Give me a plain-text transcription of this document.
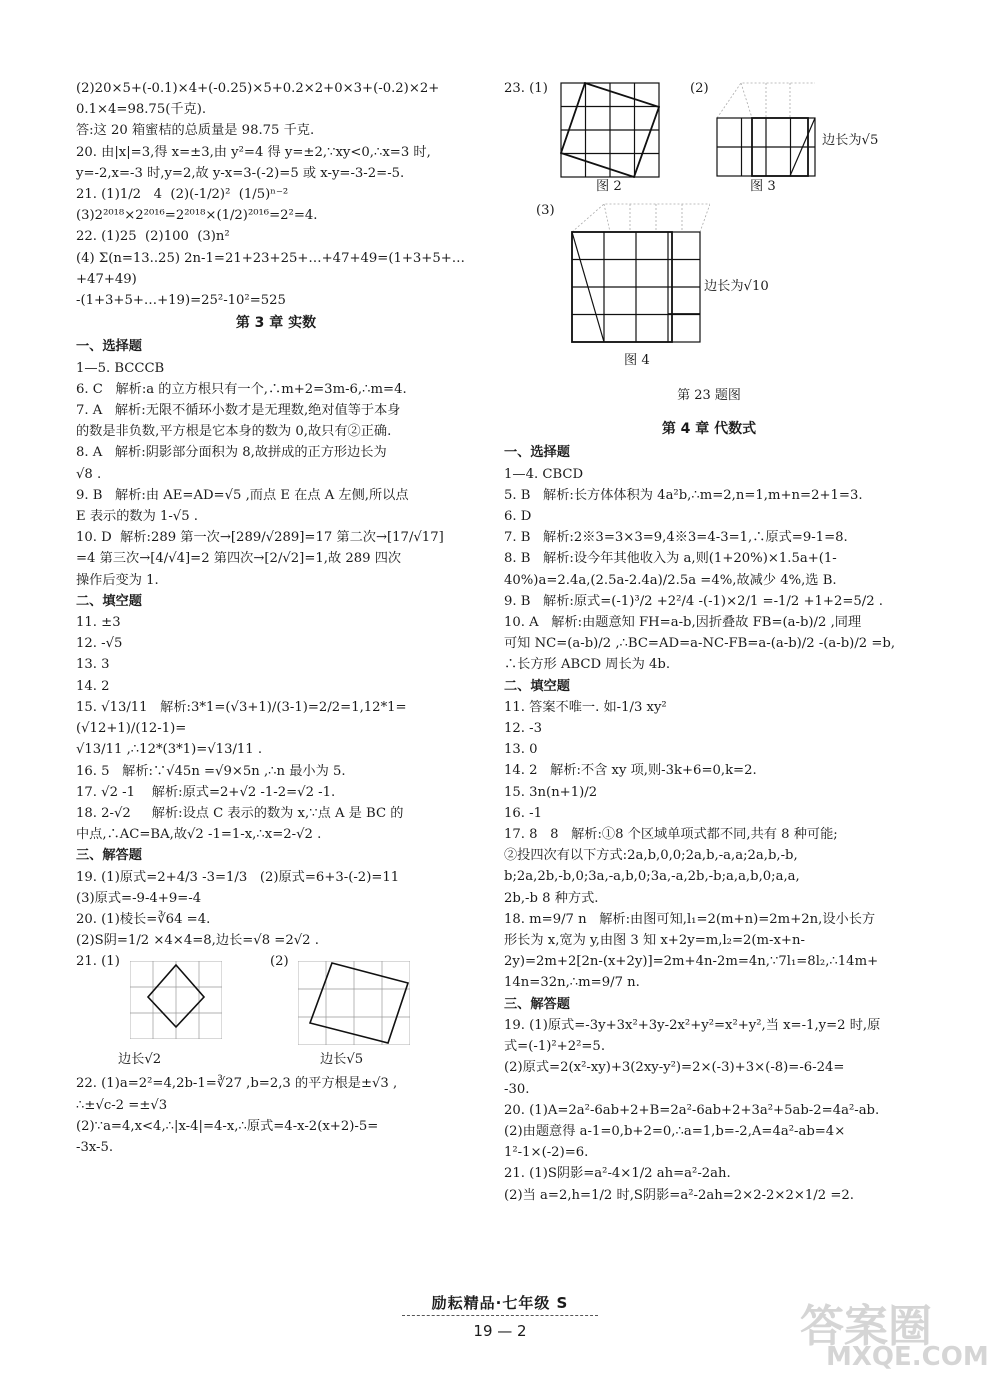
(2)20×5+(-0.1)×4+(-0.25)×5+0.2×2+0×3+(-0.2)×2+

0.1×4=98.75(千克).

答:这 20 箱蜜桔的总质量是 98.75 千克.

20. 由|x|=3,得 x=±3,由 y²=4 得 y=±2,∵xy<0,∴x=3 时,

y=-2,x=-3 时,y=2,故 y-x=3-(-2)=5 或 x-y=-3-2=-5.

21. (1)1/2   4  (2)(-1/2)²  (1/5)ⁿ⁻²

(3)2²⁰¹⁸×2²⁰¹⁶=2²⁰¹⁸×(1/2)²⁰¹⁶=2²=4.

22. (1)25  (2)100  (3)n²

(4) Σ(n=13..25) 2n-1=21+23+25+…+47+49=(1+3+5+…+47+49)

-(1+3+5+…+19)=25²-10²=525

第 3 章 实数

一、选择题

1—5. BCCCB

6. C   解析:a 的立方根只有一个,∴m+2=3m-6,∴m=4.

7. A   解析:无限不循环小数才是无理数,绝对值等于本身

的数是非负数,平方根是它本身的数为 0,故只有②正确.

8. A   解析:阴影部分面积为 8,故拼成的正方形边长为

√8 .

9. B   解析:由 AE=AD=√5 ,而点 E 在点 A 左侧,所以点

E 表示的数为 1-√5 .

10. D  解析:289 第一次→[289/√289]=17 第二次→[17/√17]

=4 第三次→[4/√4]=2 第四次→[2/√2]=1,故 289 四次

操作后变为 1.

二、填空题

11. ±3

12. -√5

13. 3

14. 2

15. √13/11   解析:3*1=(√3+1)/(3-1)=2/2=1,12*1=(√12+1)/(12-1)=

√13/11 ,∴12*(3*1)=√13/11 .

16. 5   解析:∵√45n =√9×5n ,∴n 最小为 5.

17. √2 -1    解析:原式=2+√2 -1-2=√2 -1.

18. 2-√2     解析:设点 C 表示的数为 x,∵点 A 是 BC 的

中点,∴AC=BA,故√2 -1=1-x,∴x=2-√2 .

三、解答题

19. (1)原式=2+4/3 -3=1/3   (2)原式=6+3-(-2)=11

(3)原式=-9-4+9=-4

20. (1)棱长=∛64 =4.

(2)S阴=1/2 ×4×4=8,边长=√8 =2√2 .

21. (1)	(2)
边长√2	边长√5

22. (1)a=2²=4,2b-1=∛27 ,b=2,3 的平方根是±√3 ,

∴±√c-2 =±√3

(2)∵a=4,x<4,∴|x-4|=4-x,∴原式=4-x-2(x+2)-5=

-3x-5.

23. (1)	(2)
边长为√5
图 2	图 3
(3)
边长为√10
图 4

第 23 题图

第 4 章 代数式

一、选择题

1—4. CBCD

5. B   解析:长方体体积为 4a²b,∴m=2,n=1,m+n=2+1=3.

6. D

7. B   解析:2※3=3×3=9,4※3=4-3=1,∴原式=9-1=8.

8. B   解析:设今年其他收入为 a,则(1+20%)×1.5a+(1-

40%)a=2.4a,(2.5a-2.4a)/2.5a =4%,故减少 4%,选 B.

9. B   解析:原式=(-1)³/2 +2²/4 -(-1)×2/1 =-1/2 +1+2=5/2 .

10. A   解析:由题意知 FH=a-b,因折叠故 FB=(a-b)/2 ,同理

可知 NC=(a-b)/2 ,∴BC=AD=a-NC-FB=a-(a-b)/2 -(a-b)/2 =b,

∴长方形 ABCD 周长为 4b.

二、填空题

11. 答案不唯一. 如-1/3 xy²

12. -3

13. 0

14. 2   解析:不含 xy 项,则-3k+6=0,k=2.

15. 3n(n+1)/2

16. -1

17. 8   8   解析:①8 个区域单项式都不同,共有 8 种可能;

②投四次有以下方式:2a,b,0,0;2a,b,-a,a;2a,b,-b,

b;2a,2b,-b,0;3a,-a,b,0;3a,-a,2b,-b;a,a,b,0;a,a,

2b,-b 8 种方式.

18. m=9/7 n   解析:由图可知,l₁=2(m+n)=2m+2n,设小长方

形长为 x,宽为 y,由图 3 知 x+2y=m,l₂=2(m-x+n-

2y)=2m+2[2n-(x+2y)]=2m+4n-2m=4n,∵7l₁=8l₂,∴14m+

14n=32n,∴m=9/7 n.

三、解答题

19. (1)原式=-3y+3x²+3y-2x²+y²=x²+y²,当 x=-1,y=2 时,原

式=(-1)²+2²=5.

(2)原式=2(x²-xy)+3(2xy-y²)=2×(-3)+3×(-8)=-6-24=

-30.

20. (1)A=2a²-6ab+2+B=2a²-6ab+2+3a²+5ab-2=4a²-ab.

(2)由题意得 a-1=0,b+2=0,∴a=1,b=-2,A=4a²-ab=4×

1²-1×(-2)=6.

21. (1)S阴影=a²-4×1/2 ah=a²-2ah.

(2)当 a=2,h=1/2 时,S阴影=a²-2ah=2×2-2×2×1/2 =2.

励耘精品·七年级 S
19 — 2	答案圈
MXQE.COM
